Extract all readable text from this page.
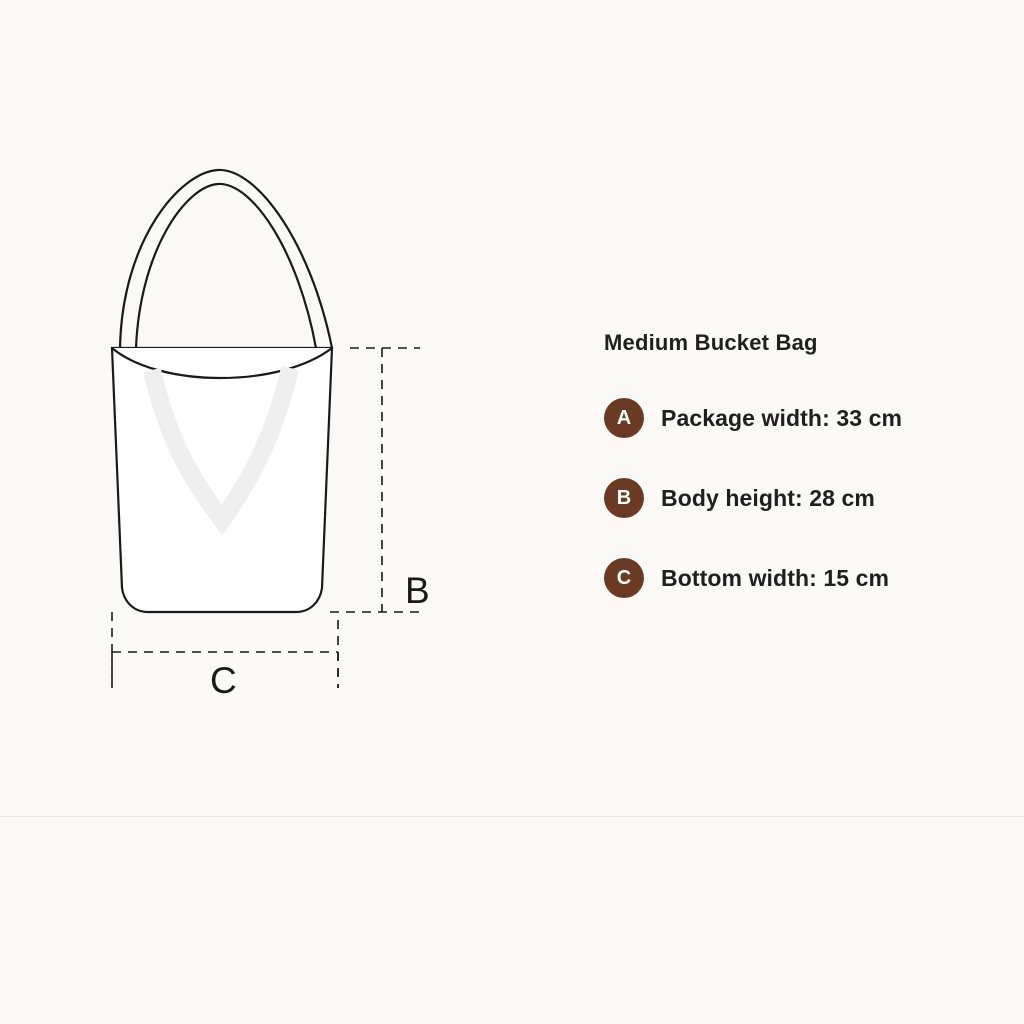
B
C
Medium Bucket Bag
A	Package width: 33 cm
B	Body height: 28 cm
C	Bottom width: 15 cm
